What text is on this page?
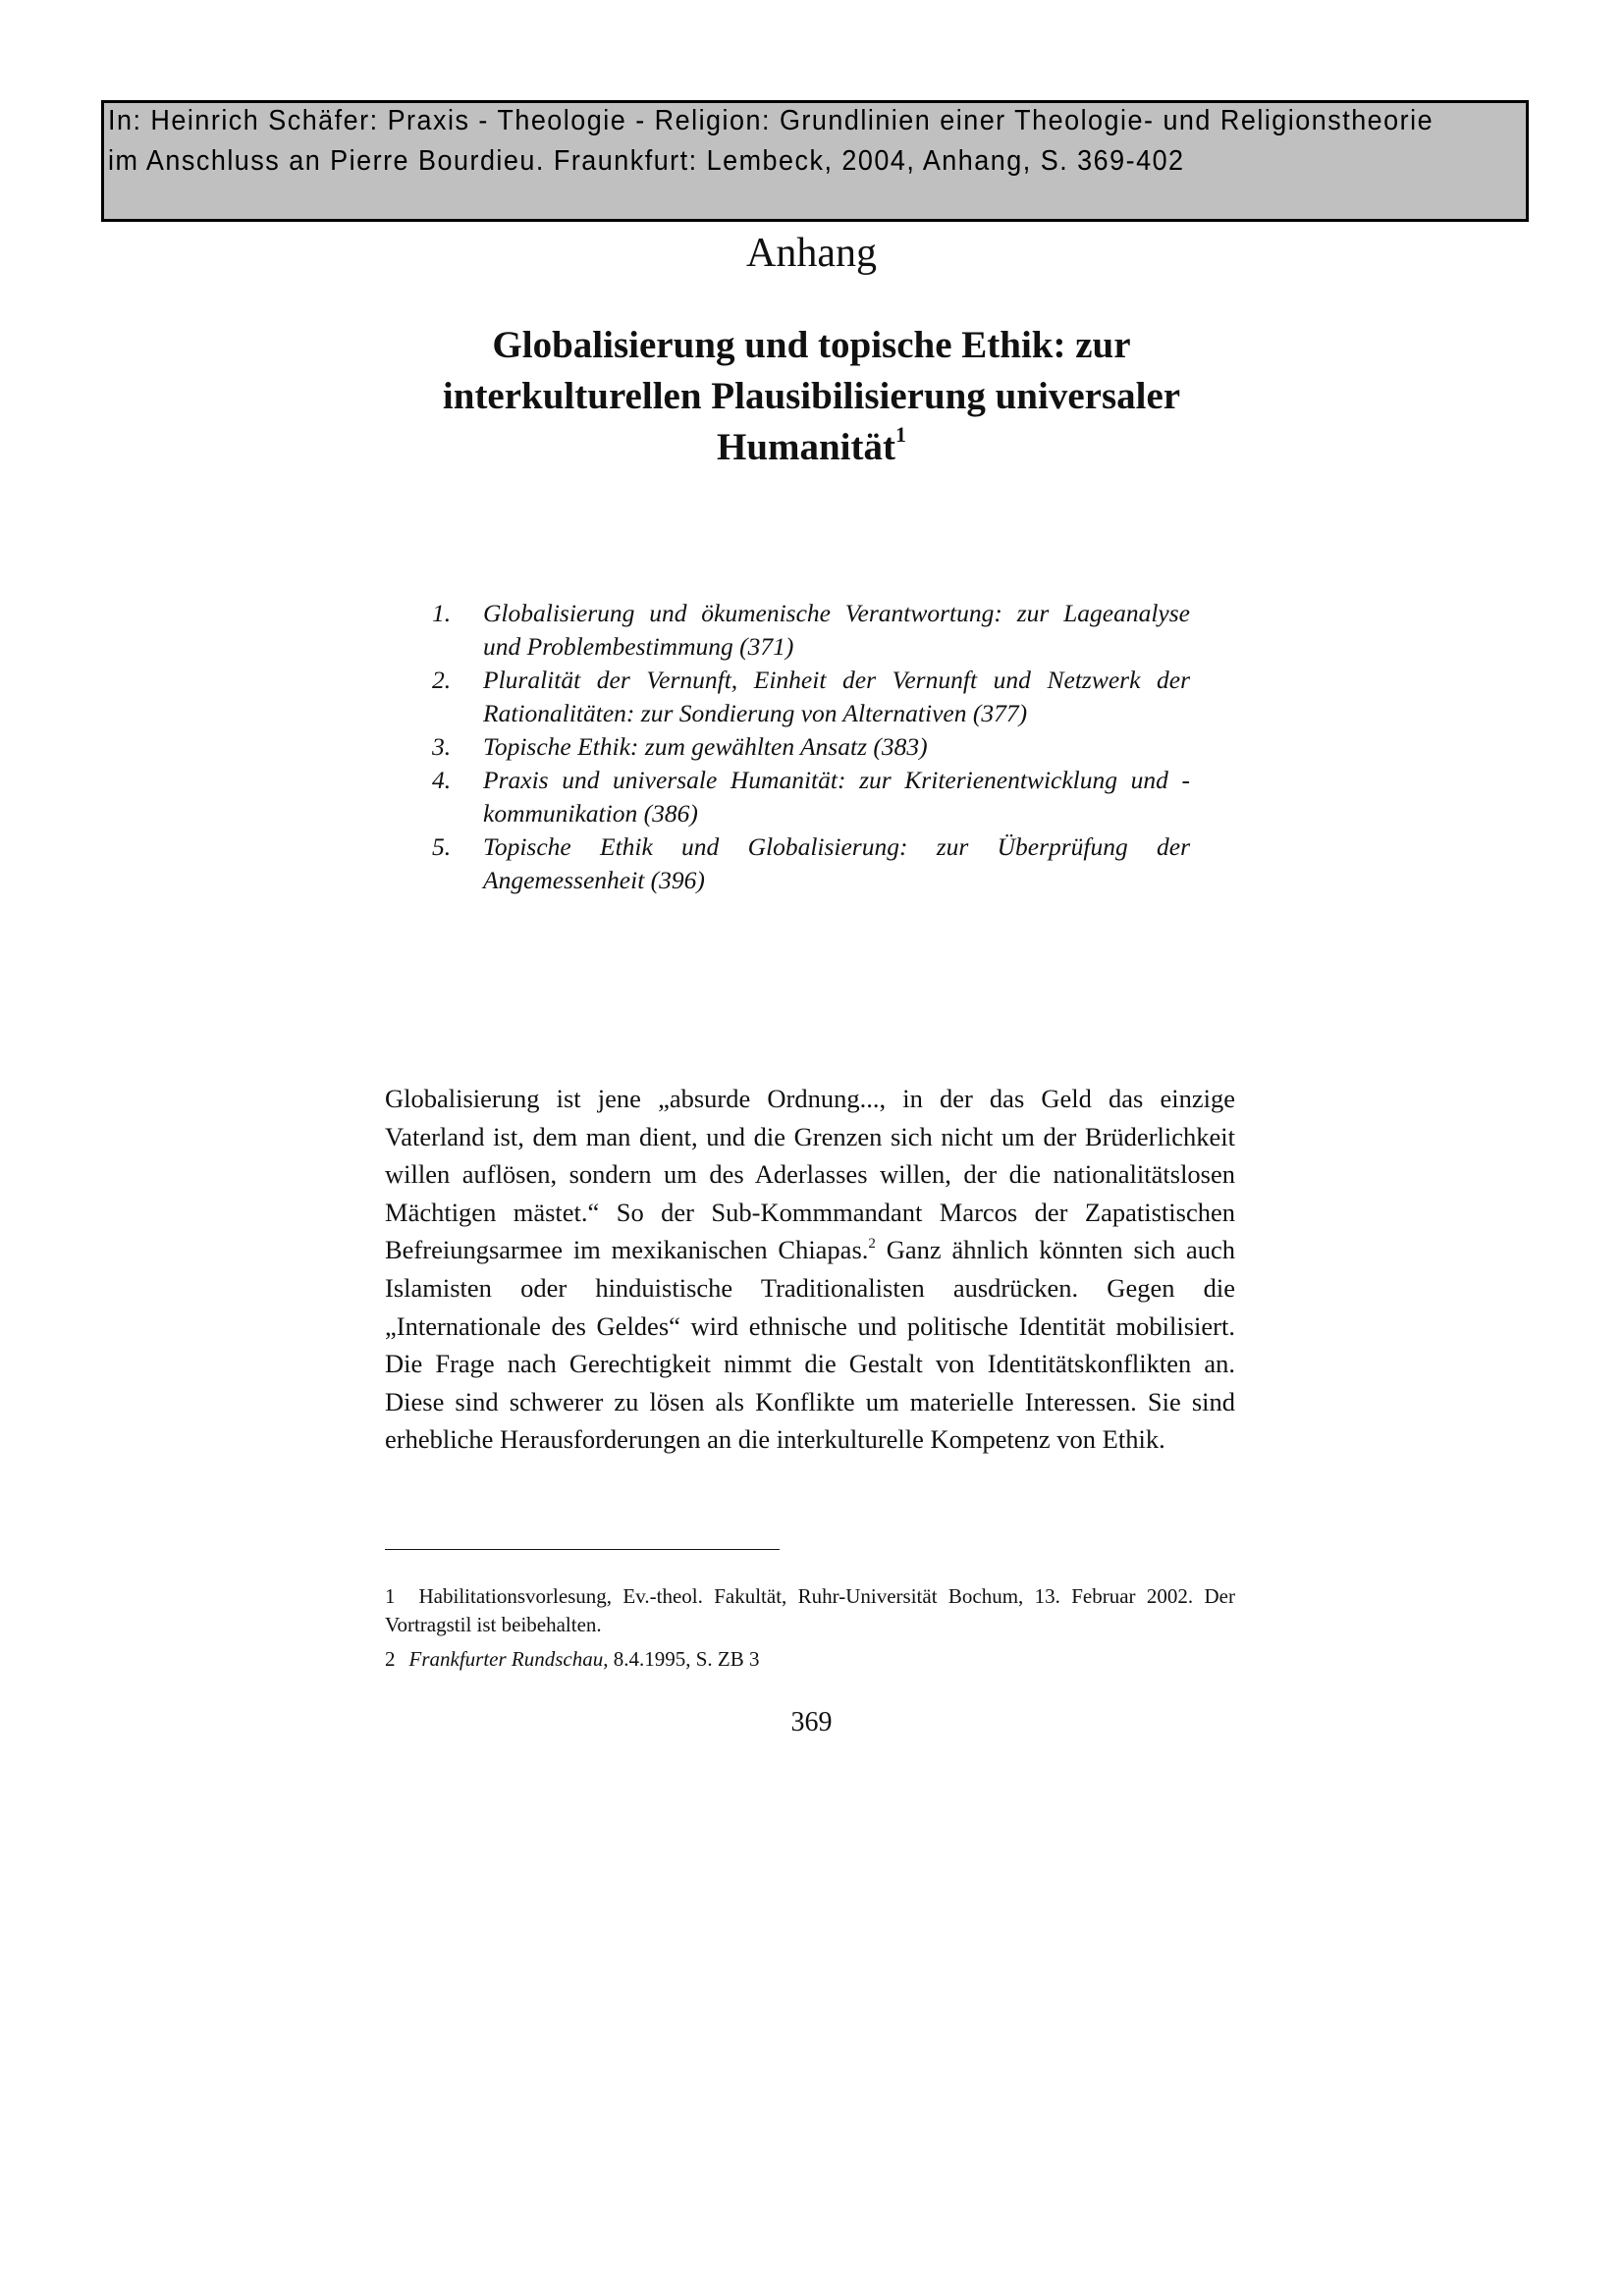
In: Heinrich Schäfer: Praxis - Theologie - Religion: Grundlinien einer Theologie- und Religionstheorie
im Anschluss an Pierre Bourdieu. Fraunkfurt: Lembeck, 2004, Anhang, S. 369-402
Anhang
Globalisierung und topische Ethik: zur
interkulturellen Plausibilisierung universaler
Humanität$^1$
1. Globalisierung und ökumenische Verantwortung: zur Lageanalyse und Problembestimmung (371)
2. Pluralität der Vernunft, Einheit der Vernunft und Netzwerk der Rationalitäten: zur Sondierung von Alternativen (377)
3. Topische Ethik: zum gewählten Ansatz (383)
4. Praxis und universale Humanität: zur Kriterienentwicklung und -kommunikation (386)
5. Topische Ethik und Globalisierung: zur Überprüfung der Angemessenheit (396)

Globalisierung ist jene „absurde Ordnung..., in der das Geld das einzige Vaterland ist, dem man dient, und die Grenzen sich nicht um der Brüderlichkeit willen auflösen, sondern um des Aderlasses willen, der die nationalitätslosen Mächtigen mästet.“ So der Sub-Kommmandant Marcos der Zapatistischen Befreiungsarmee im mexikanischen Chiapas.$^2$ Ganz ähnlich könnten sich auch Islamisten oder hinduistische Traditionalisten ausdrücken. Gegen die „Internationale des Geldes“ wird ethnische und politische Identität mobilisiert. Die Frage nach Gerechtigkeit nimmt die Gestalt von Identitätskonflikten an. Diese sind schwerer zu lösen als Konflikte um materielle Interessen. Sie sind erhebliche Herausforderungen an die interkulturelle Kompetenz von Ethik.

1 Habilitationsvorlesung, Ev.-theol. Fakultät, Ruhr-Universität Bochum, 13. Februar 2002. Der Vortragstil ist beibehalten.
2 Frankfurter Rundschau, 8.4.1995, S. ZB 3
369
